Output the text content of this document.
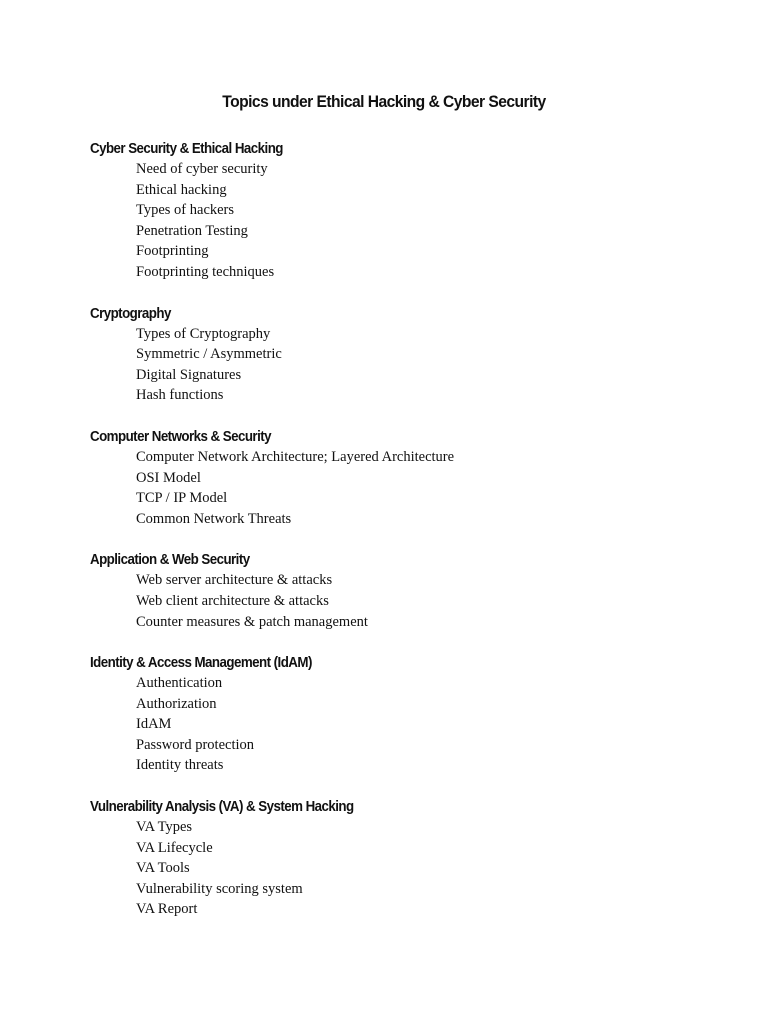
Topics under Ethical Hacking & Cyber Security
Cyber Security & Ethical Hacking
Need of cyber security
Ethical hacking
Types of hackers
Penetration Testing
Footprinting
Footprinting techniques
Cryptography
Types of Cryptography
Symmetric / Asymmetric
Digital Signatures
Hash functions
Computer Networks & Security
Computer Network Architecture; Layered Architecture
OSI Model
TCP / IP Model
Common Network Threats
Application & Web Security
Web server architecture & attacks
Web client architecture & attacks
Counter measures & patch management
Identity & Access Management (IdAM)
Authentication
Authorization
IdAM
Password protection
Identity threats
Vulnerability Analysis (VA) & System Hacking
VA Types
VA Lifecycle
VA Tools
Vulnerability scoring system
VA Report
